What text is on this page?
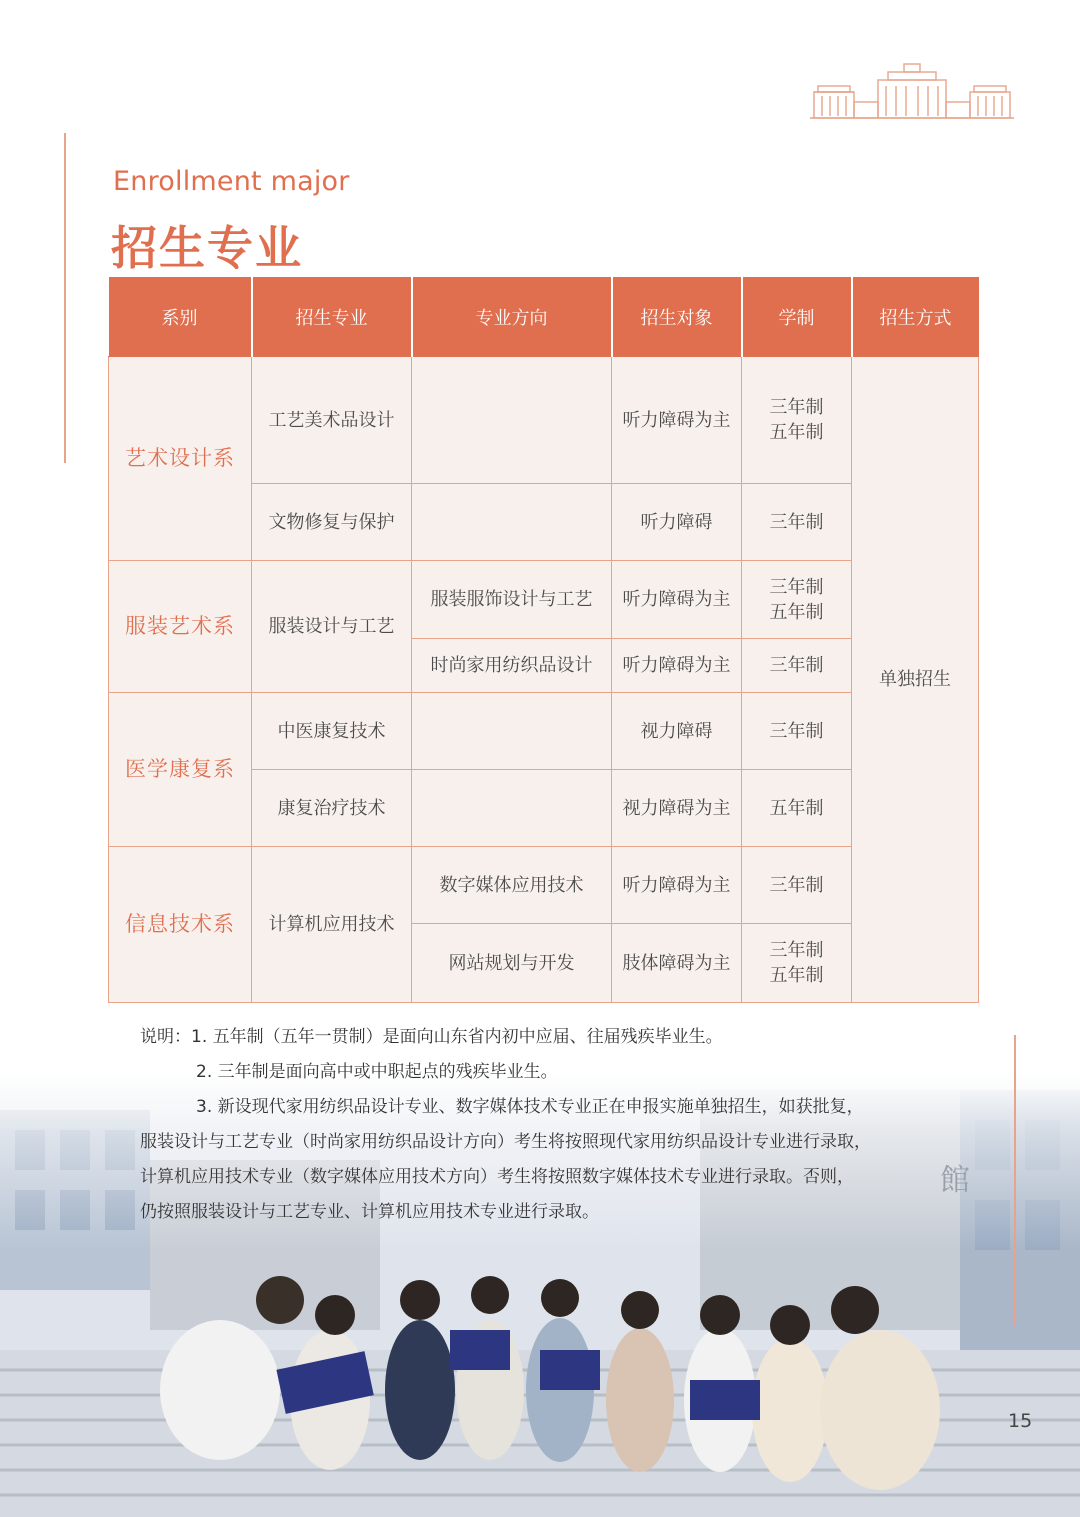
Enrollment major
招生专业
系别	招生专业	专业方向	招生对象	学制	招生方式
艺术设计系	工艺美术品设计		听力障碍为主	三年制
五年制	单独招生
	文物修复与保护		听力障碍	三年制	
服装艺术系	服装设计与工艺	服装服饰设计与工艺	听力障碍为主	三年制
五年制	
		时尚家用纺织品设计	听力障碍为主	三年制	
医学康复系	中医康复技术		视力障碍	三年制	
	康复治疗技术		视力障碍为主	五年制	
信息技术系	计算机应用技术	数字媒体应用技术	听力障碍为主	三年制	
		网站规划与开发	肢体障碍为主	三年制
五年制	
館
说明：1. 五年制（五年一贯制）是面向山东省内初中应届、往届残疾毕业生。
2. 三年制是面向高中或中职起点的残疾毕业生。
3. 新设现代家用纺织品设计专业、数字媒体技术专业正在申报实施单独招生，如获批复，
服装设计与工艺专业（时尚家用纺织品设计方向）考生将按照现代家用纺织品设计专业进行录取，
计算机应用技术专业（数字媒体应用技术方向）考生将按照数字媒体技术专业进行录取。否则，
仍按照服装设计与工艺专业、计算机应用技术专业进行录取。
15
